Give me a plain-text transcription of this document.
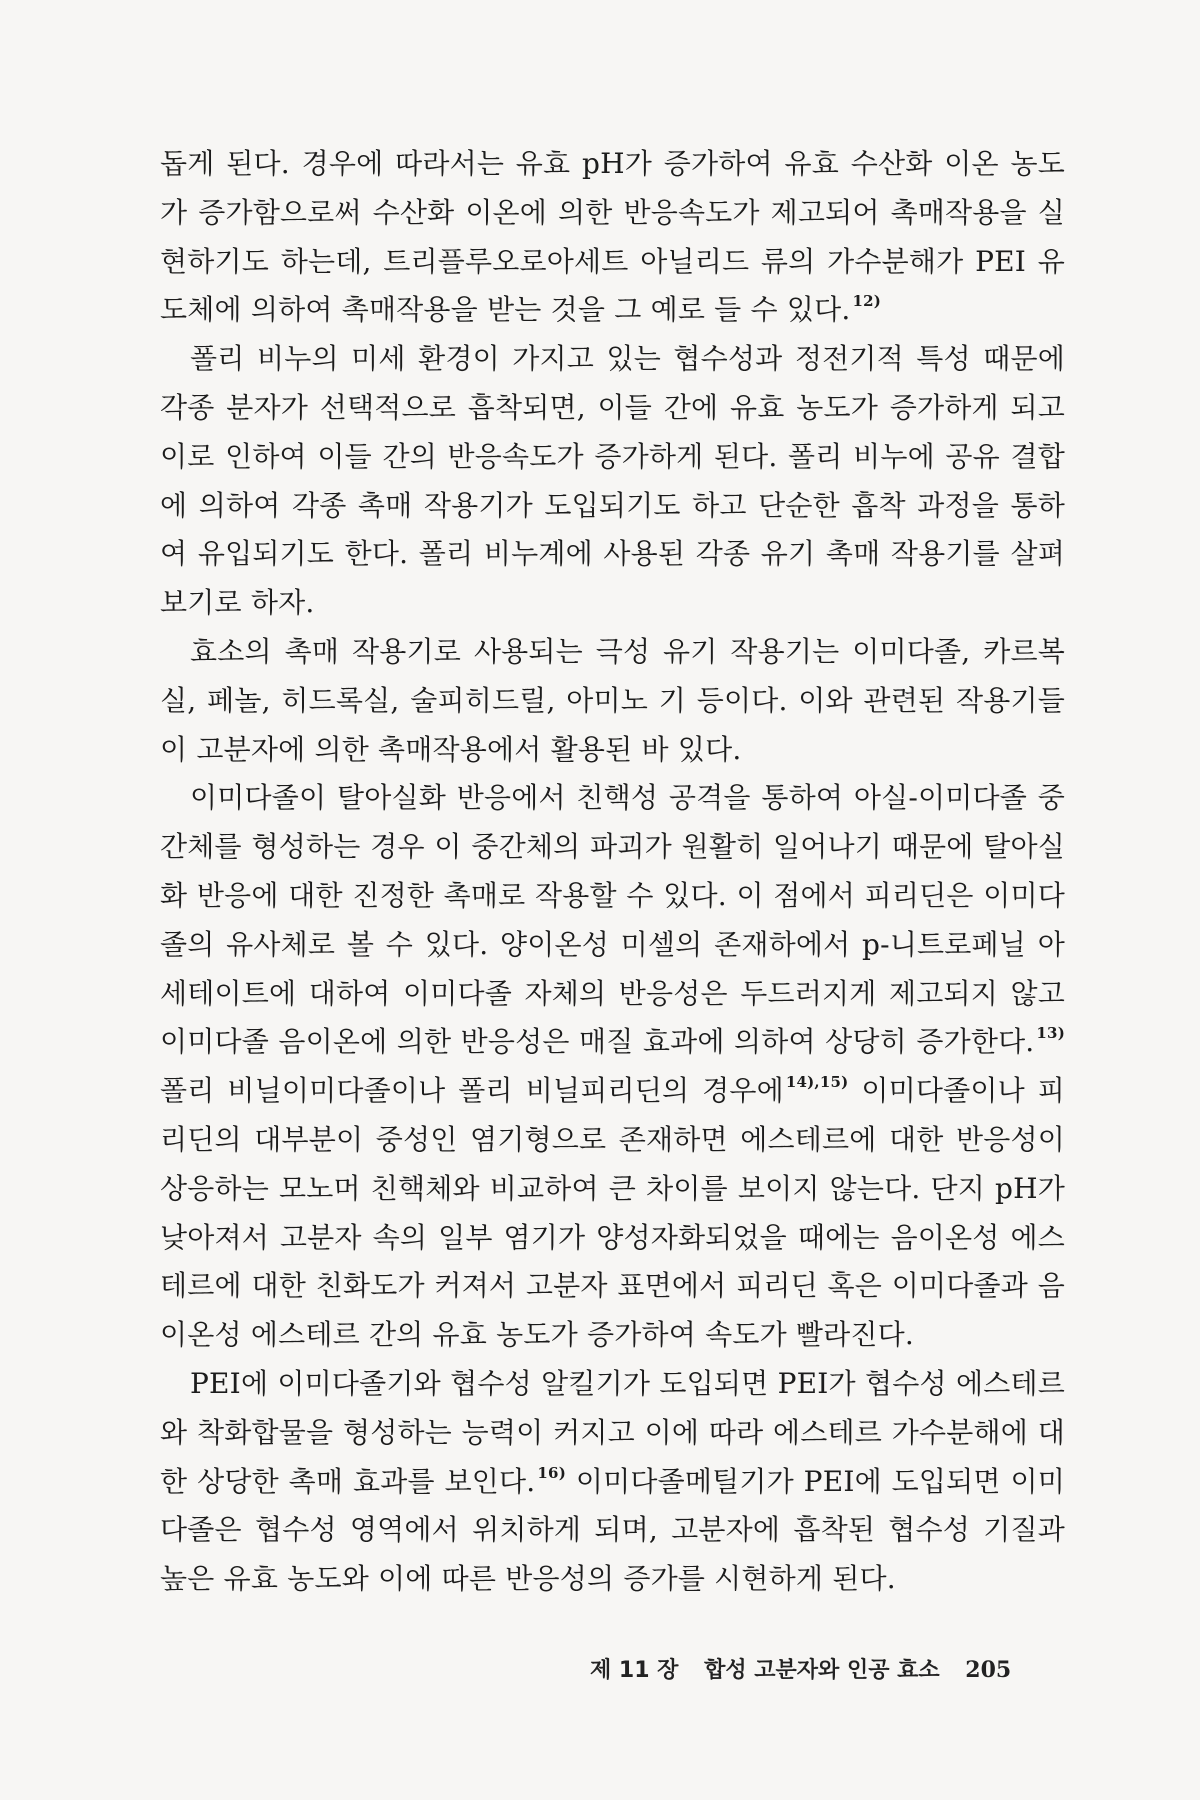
돕게 된다. 경우에 따라서는 유효 pH가 증가하여 유효 수산화 이온 농도가 증가함으로써 수산화 이온에 의한 반응속도가 제고되어 촉매작용을 실현하기도 하는데, 트리플루오로아세트 아닐리드 류의 가수분해가 PEI 유도체에 의하여 촉매작용을 받는 것을 그 예로 들 수 있다. $^{12)}$

폴리 비누의 미세 환경이 가지고 있는 협수성과 정전기적 특성 때문에 각종 분자가 선택적으로 흡착되면, 이들 간에 유효 농도가 증가하게 되고 이로 인하여 이들 간의 반응속도가 증가하게 된다. 폴리 비누에 공유 결합에 의하여 각종 촉매 작용기가 도입되기도 하고 단순한 흡착 과정을 통하여 유입되기도 한다. 폴리 비누계에 사용된 각종 유기 촉매 작용기를 살펴보기로 하자.

효소의 촉매 작용기로 사용되는 극성 유기 작용기는 이미다졸, 카르복실, 페놀, 히드록실, 술피히드릴, 아미노 기 등이다. 이와 관련된 작용기들이 고분자에 의한 촉매작용에서 활용된 바 있다.

이미다졸이 탈아실화 반응에서 친핵성 공격을 통하여 아실-이미다졸 중간체를 형성하는 경우 이 중간체의 파괴가 원활히 일어나기 때문에 탈아실화 반응에 대한 진정한 촉매로 작용할 수 있다. 이 점에서 피리딘은 이미다졸의 유사체로 볼 수 있다. 양이온성 미셀의 존재하에서 p-니트로페닐 아세테이트에 대하여 이미다졸 자체의 반응성은 두드러지게 제고되지 않고 이미다졸 음이온에 의한 반응성은 매질 효과에 의하여 상당히 증가한다. $^{13)}$ 폴리 비닐이미다졸이나 폴리 비닐피리딘의 경우에 $^{14),15)}$ 이미다졸이나 피리딘의 대부분이 중성인 염기형으로 존재하면 에스테르에 대한 반응성이 상응하는 모노머 친핵체와 비교하여 큰 차이를 보이지 않는다. 단지 pH가 낮아져서 고분자 속의 일부 염기가 양성자화되었을 때에는 음이온성 에스테르에 대한 친화도가 커져서 고분자 표면에서 피리딘 혹은 이미다졸과 음이온성 에스테르 간의 유효 농도가 증가하여 속도가 빨라진다.

PEI에 이미다졸기와 협수성 알킬기가 도입되면 PEI가 협수성 에스테르와 착화합물을 형성하는 능력이 커지고 이에 따라 에스테르 가수분해에 대한 상당한 촉매 효과를 보인다. $^{16)}$ 이미다졸메틸기가 PEI에 도입되면 이미다졸은 협수성 영역에서 위치하게 되며, 고분자에 흡착된 협수성 기질과 높은 유효 농도와 이에 따른 반응성의 증가를 시현하게 된다.

제 11 장 합성 고분자와 인공 효소 205
